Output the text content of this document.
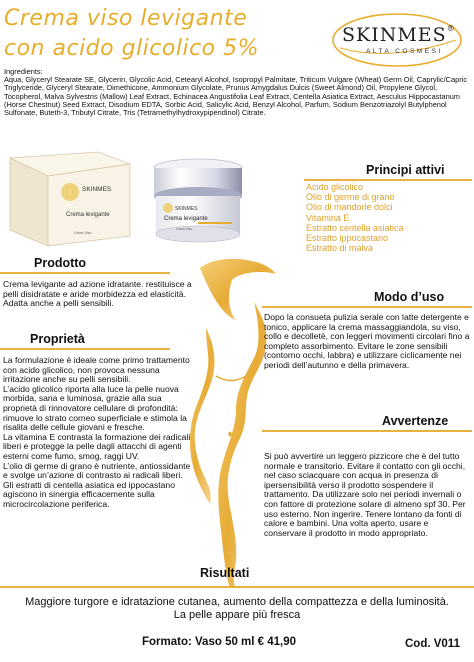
Crema viso levigante
con acido glicolico 5%
SKINMES®
ALTA COSMESI
Ingredients:
Aqua, Glyceryl Stearate SE, Glycerin, Glycolic Acid, Cetearyl Alcohol, Isopropyl Palmitate, Triticum Vulgare (Wheat) Germ Oil, Caprylic/Capric Triglyceride, Glyceryl Stearate, Dimethicone, Ammonium Glycolate, Prunus Amygdalus Dulcis (Sweet Almond) Oil, Propylene Glycol, Tocopherol, Malva Sylvestris (Mallow) Leaf Extract, Echinacea Angustifolia Leaf Extract, Centella Asiatica Extract, Aesculus Hippocastanum (Horse Chestnut) Seed Extract, Disodium EDTA, Sorbic Acid, Salicylic Acid, Benzyl Alcohol, Parfum, Sodium Benzotriazolyl Butylphenol Sulfonate, Buteth-3, Tributyl Citrate, Tris (Tetramethylhydroxypiperidinol) Citrate.
SKINMES
Crema levigante
Linea Viso
SKINMES
Crema levigante
Linea Viso
Principi attivi
Acido glicolico
Olio di germe di grano
Olio di mandorle dolci
Vitamina E
Estratto centella asiatica
Estratto ippocastano
Estratto di malva
Prodotto
Crema levigante ad azione idratante. restituisce a pelli disidratate e aride morbidezza ed elasticità. Adatta anche a pelli sensibili.	Modo d’uso
Dopo la consueta pulizia serale con latte detergente e tonico, applicare la crema massaggiandola, su viso, collo e decolletè, con leggeri movimenti circolari fino a completo assorbimento. Evitare le zone sensibili (contorno occhi, labbra) e utilizzare ciclicamente nei periodi dell’autunno e della primavera.
Proprietà
La formulazione è ideale come primo trattamento con acido glicolico, non provoca nessuna irritazione anche su pelli sensibili.
L’acido glicolico riporta alla luce la pelle nuova morbida, sana e luminosa, grazie alla sua proprietà di rinnovatore cellulare di profondità: rimuove lo strato corneo superficiale e stimola la risalita delle cellule giovani e fresche.
La vitamina E contrasta la formazione dei radicali liberi e protegge la pelle dagli attacchi di agenti esterni come fumo, smog, raggi UV.
L’olio di germe di grano è nutriente, antiossidante e svolge un’azione di contrasto ai radicali liberi.
Gli estratti di centella asiatica ed ippocastano agiscono in sinergia efficacemente sulla microcircolazione periferica.
Avvertenze
Si può avvertire un leggero pizzicore che è del tutto normale e transitorio. Evitare il contatto con gli occhi, nel caso sciacquare con acqua in presenza di ipersensibilità verso il prodotto sospendere il trattamento. Da utilizzare solo nei periodi invernali o con fattore di protezione solare di almeno spf 30. Per uso esterno. Non ingerire. Tenere lontano da fonti di calore e bambini. Una volta aperto, usare e conservare il prodotto in modo appropriato.
Risultati
Maggiore turgore e idratazione cutanea, aumento della compattezza e della luminosità.
La pelle appare più fresca
Formato: Vaso 50 ml € 41,90	Cod. V011
